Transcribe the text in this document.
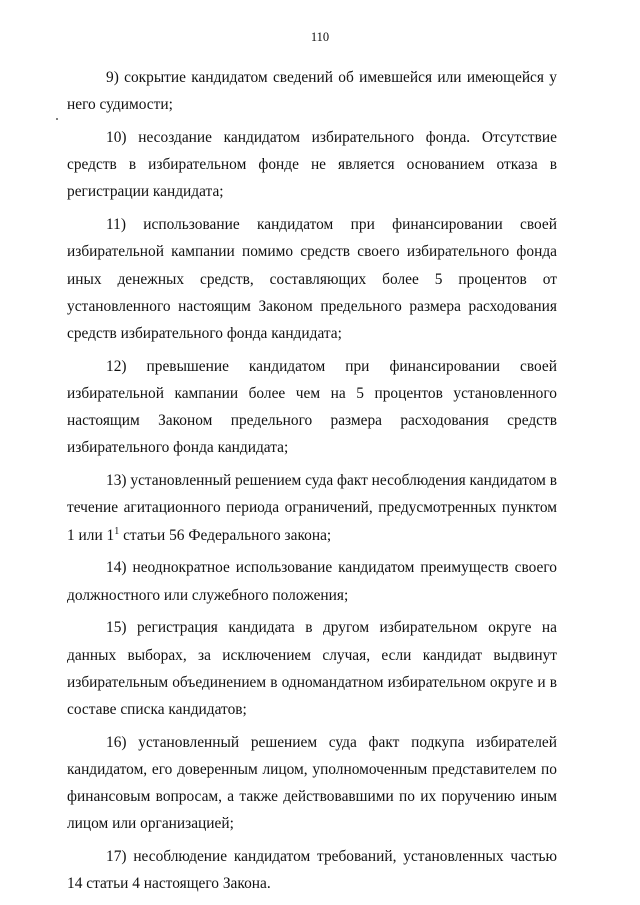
110

9) сокрытие кандидатом сведений об имевшейся или имеющейся у него судимости;

10) несоздание кандидатом избирательного фонда. Отсутствие средств в избирательном фонде не является основанием отказа в регистрации кандидата;

11) использование кандидатом при финансировании своей избирательной кампании помимо средств своего избирательного фонда иных денежных средств, составляющих более 5 процентов от установленного настоящим Законом предельного размера расходования средств избирательного фонда кандидата;

12) превышение кандидатом при финансировании своей избирательной кампании более чем на 5 процентов установленного настоящим Законом предельного размера расходования средств избирательного фонда кандидата;

13) установленный решением суда факт несоблюдения кандидатом в течение агитационного периода ограничений, предусмотренных пунктом 1 или $1^1$ статьи 56 Федерального закона;

14) неоднократное использование кандидатом преимуществ своего должностного или служебного положения;

15) регистрация кандидата в другом избирательном округе на данных выборах, за исключением случая, если кандидат выдвинут избирательным объединением в одномандатном избирательном округе и в составе списка кандидатов;

16) установленный решением суда факт подкупа избирателей кандидатом, его доверенным лицом, уполномоченным представителем по финансовым вопросам, а также действовавшими по их поручению иным лицом или организацией;

17) несоблюдение кандидатом требований, установленных частью 14 статьи 4 настоящего Закона.
